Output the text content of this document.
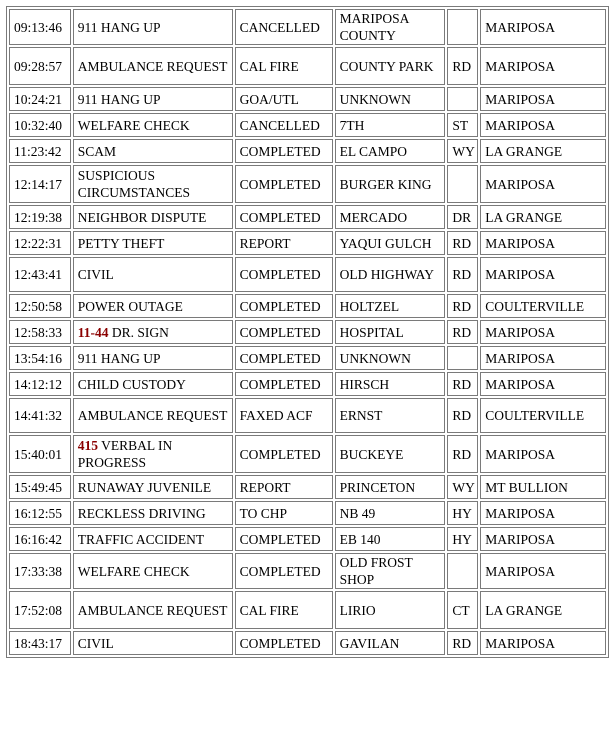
09:13:46	911 HANG UP	CANCELLED	MARIPOSA COUNTY		MARIPOSA
09:28:57	AMBULANCE REQUEST	CAL FIRE	COUNTY PARK	RD	MARIPOSA
10:24:21	911 HANG UP	GOA/UTL	UNKNOWN		MARIPOSA
10:32:40	WELFARE CHECK	CANCELLED	7TH	ST	MARIPOSA
11:23:42	SCAM	COMPLETED	EL CAMPO	WY	LA GRANGE
12:14:17	SUSPICIOUS CIRCUMSTANCES	COMPLETED	BURGER KING		MARIPOSA
12:19:38	NEIGHBOR DISPUTE	COMPLETED	MERCADO	DR	LA GRANGE
12:22:31	PETTY THEFT	REPORT	YAQUI GULCH	RD	MARIPOSA
12:43:41	CIVIL	COMPLETED	OLD HIGHWAY	RD	MARIPOSA
12:50:58	POWER OUTAGE	COMPLETED	HOLTZEL	RD	COULTERVILLE
12:58:33	11-44 DR. SIGN	COMPLETED	HOSPITAL	RD	MARIPOSA
13:54:16	911 HANG UP	COMPLETED	UNKNOWN		MARIPOSA
14:12:12	CHILD CUSTODY	COMPLETED	HIRSCH	RD	MARIPOSA
14:41:32	AMBULANCE REQUEST	FAXED ACF	ERNST	RD	COULTERVILLE
15:40:01	415 VERBAL IN PROGRESS	COMPLETED	BUCKEYE	RD	MARIPOSA
15:49:45	RUNAWAY JUVENILE	REPORT	PRINCETON	WY	MT BULLION
16:12:55	RECKLESS DRIVING	TO CHP	NB 49	HY	MARIPOSA
16:16:42	TRAFFIC ACCIDENT	COMPLETED	EB 140	HY	MARIPOSA
17:33:38	WELFARE CHECK	COMPLETED	OLD FROST SHOP		MARIPOSA
17:52:08	AMBULANCE REQUEST	CAL FIRE	LIRIO	CT	LA GRANGE
18:43:17	CIVIL	COMPLETED	GAVILAN	RD	MARIPOSA
